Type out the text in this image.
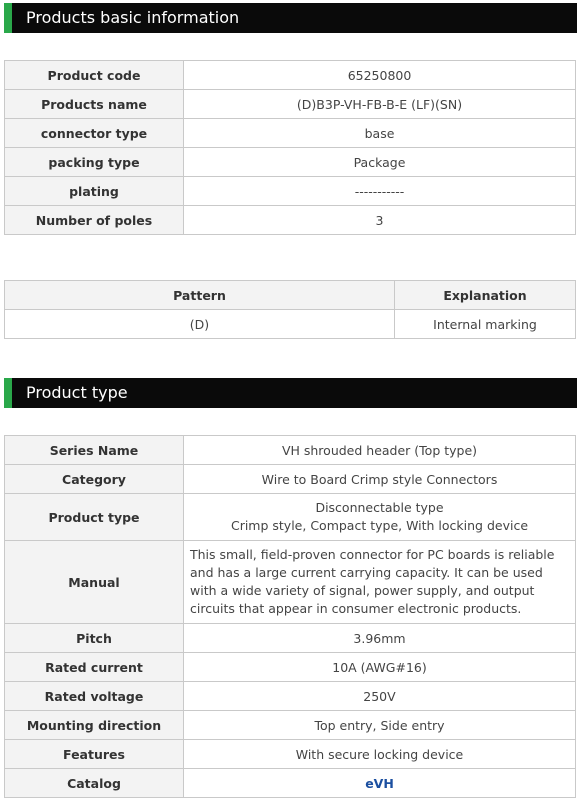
Products basic information
Product code	65250800
Products name	(D)B3P-VH-FB-B-E (LF)(SN)
connector type	base
packing type	Package
plating	-----------
Number of poles	3
Pattern	Explanation
(D)	Internal marking
Product type
Series Name	VH shrouded header (Top type)
Category	Wire to Board Crimp style Connectors
Product type	Disconnectable type
Crimp style, Compact type, With locking device

Manual	This small, field-proven connector for PC boards is reliable and has a large current carrying capacity. It can be used with a wide variety of signal, power supply, and output circuits that appear in consumer electronic products.
Pitch	3.96mm
Rated current	10A (AWG#16)
Rated voltage	250V
Mounting direction	Top entry, Side entry
Features	With secure locking device
Catalog	eVH
